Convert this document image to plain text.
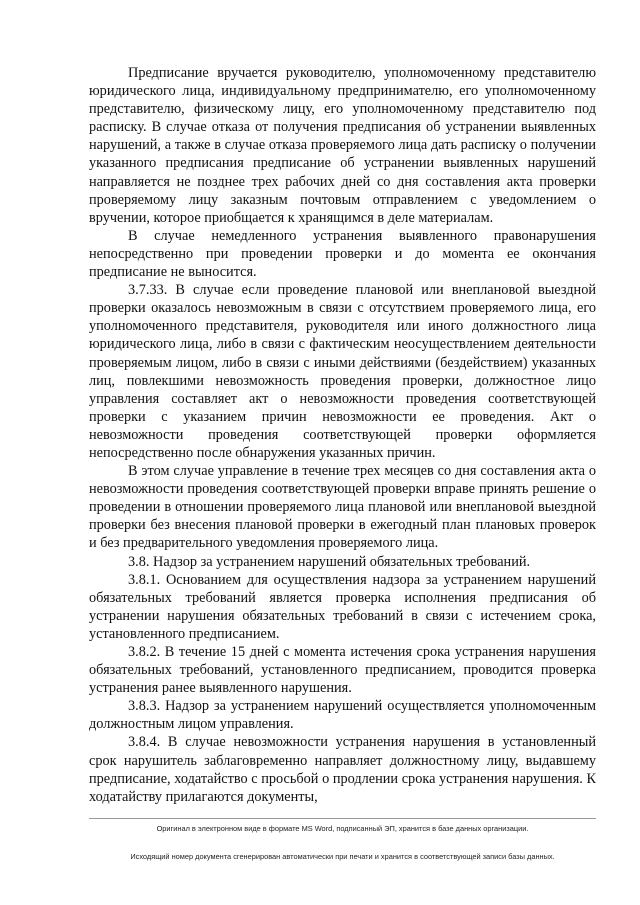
Предписание вручается руководителю, уполномоченному представителю юридического лица, индивидуальному предпринимателю, его уполномоченному представителю, физическому лицу, его уполномоченному представителю под расписку. В случае отказа от получения предписания об устранении выявленных нарушений, а также в случае отказа проверяемого лица дать расписку о получении указанного предписания предписание об устранении выявленных нарушений направляется не позднее трех рабочих дней со дня составления акта проверки проверяемому лицу заказным почтовым отправлением с уведомлением о вручении, которое приобщается к хранящимся в деле материалам.

В случае немедленного устранения выявленного правонарушения непосредственно при проведении проверки и до момента ее окончания предписание не выносится.

3.7.33. В случае если проведение плановой или внеплановой выездной проверки оказалось невозможным в связи с отсутствием проверяемого лица, его уполномоченного представителя, руководителя или иного должностного лица юридического лица, либо в связи с фактическим неосуществлением деятельности проверяемым лицом, либо в связи с иными действиями (бездействием) указанных лиц, повлекшими невозможность проведения проверки, должностное лицо управления составляет акт о невозможности проведения соответствующей проверки с указанием причин невозможности ее проведения. Акт о невозможности проведения соответствующей проверки оформляется непосредственно после обнаружения указанных причин.

В этом случае управление в течение трех месяцев со дня составления акта о невозможности проведения соответствующей проверки вправе принять решение о проведении в отношении проверяемого лица плановой или внеплановой выездной проверки без внесения плановой проверки в ежегодный план плановых проверок и без предварительного уведомления проверяемого лица.

3.8. Надзор за устранением нарушений обязательных требований.

3.8.1. Основанием для осуществления надзора за устранением нарушений обязательных требований является проверка исполнения предписания об устранении нарушения обязательных требований в связи с истечением срока, установленного предписанием.

3.8.2. В течение 15 дней с момента истечения срока устранения нарушения обязательных требований, установленного предписанием, проводится проверка устранения ранее выявленного нарушения.

3.8.3. Надзор за устранением нарушений осуществляется уполномоченным должностным лицом управления.

3.8.4. В случае невозможности устранения нарушения в установленный срок нарушитель заблаговременно направляет должностному лицу, выдавшему предписание, ходатайство с просьбой о продлении срока устранения нарушения. К ходатайству прилагаются документы,

Оригинал в электронном виде в формате MS Word, подписанный ЭП, хранится в базе данных организации.

Исходящий номер документа сгенерирован автоматически при печати и хранится в соответствующей записи базы данных.
